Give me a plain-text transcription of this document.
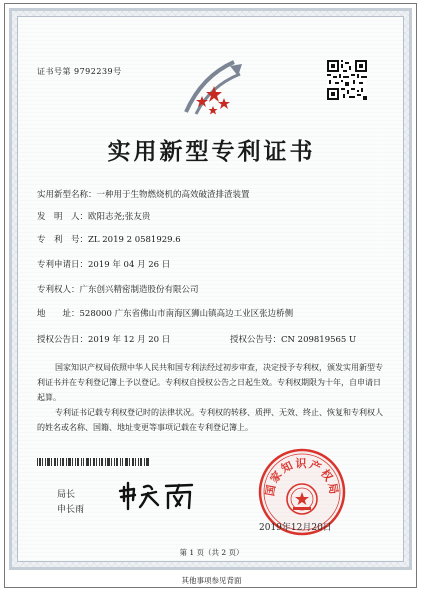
证书号第 9792239号
实用新型专利证书
实用新型名称：一种用于生物燃烧机的高效破渣排渣装置
发　明　人：欧阳志尧;张友贵
专　利　号：ZL 2019 2 0581929.6
专利申请日：2019 年 04 月 26 日
专利权人：广东创兴精密制造股份有限公司
地　　址：528000 广东省佛山市南海区狮山镇高边工业区张边桥侧
授权公告日：2019 年 12 月 20 日	授权公告号：CN 209819565 U
国家知识产权局依照中华人民共和国专利法经过初步审查，决定授予专利权，颁发实用新型专利证书并在专利登记簿上予以登记。专利权自授权公告之日起生效。专利权期限为十年，自申请日起算。
专利证书记载专利权登记时的法律状况。专利权的转移、质押、无效、终止、恢复和专利权人的姓名或名称、国籍、地址变更等事项记载在专利登记簿上。
局长
申长雨
国家知识产权局
2019年12月20日
第 1 页（共 2 页）
其他事项参见背面
